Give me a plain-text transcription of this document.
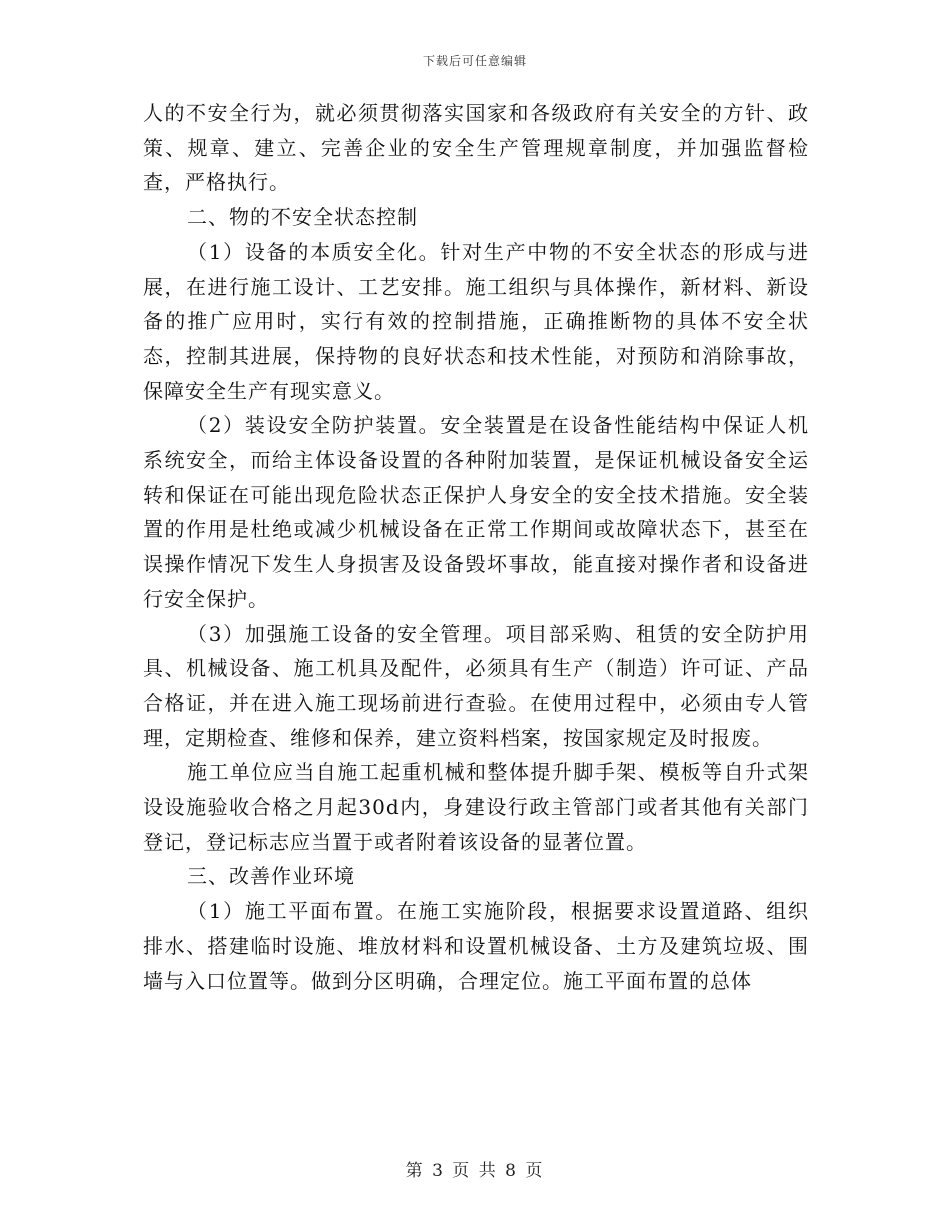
下载后可任意编辑

人的不安全行为，就必须贯彻落实国家和各级政府有关安全的方针、政策、规章、建立、完善企业的安全生产管理规章制度，并加强监督检查，严格执行。

二、物的不安全状态控制

（1）设备的本质安全化。针对生产中物的不安全状态的形成与进展，在进行施工设计、工艺安排。施工组织与具体操作，新材料、新设备的推广应用时，实行有效的控制措施，正确推断物的具体不安全状态，控制其进展，保持物的良好状态和技术性能，对预防和消除事故，保障安全生产有现实意义。

（2）装设安全防护装置。安全装置是在设备性能结构中保证人机系统安全，而给主体设备设置的各种附加装置，是保证机械设备安全运转和保证在可能出现危险状态正保护人身安全的安全技术措施。安全装置的作用是杜绝或减少机械设备在正常工作期间或故障状态下，甚至在误操作情况下发生人身损害及设备毁坏事故，能直接对操作者和设备进行安全保护。

（3）加强施工设备的安全管理。项目部采购、租赁的安全防护用具、机械设备、施工机具及配件，必须具有生产（制造）许可证、产品合格证，并在进入施工现场前进行查验。在使用过程中，必须由专人管理，定期检查、维修和保养，建立资料档案，按国家规定及时报废。

施工单位应当自施工起重机械和整体提升脚手架、模板等自升式架设设施验收合格之月起30d内，身建设行政主管部门或者其他有关部门登记，登记标志应当置于或者附着该设备的显著位置。

三、改善作业环境

（1）施工平面布置。在施工实施阶段，根据要求设置道路、组织排水、搭建临时设施、堆放材料和设置机械设备、土方及建筑垃圾、围墙与入口位置等。做到分区明确，合理定位。施工平面布置的总体

第 3 页 共 8 页
